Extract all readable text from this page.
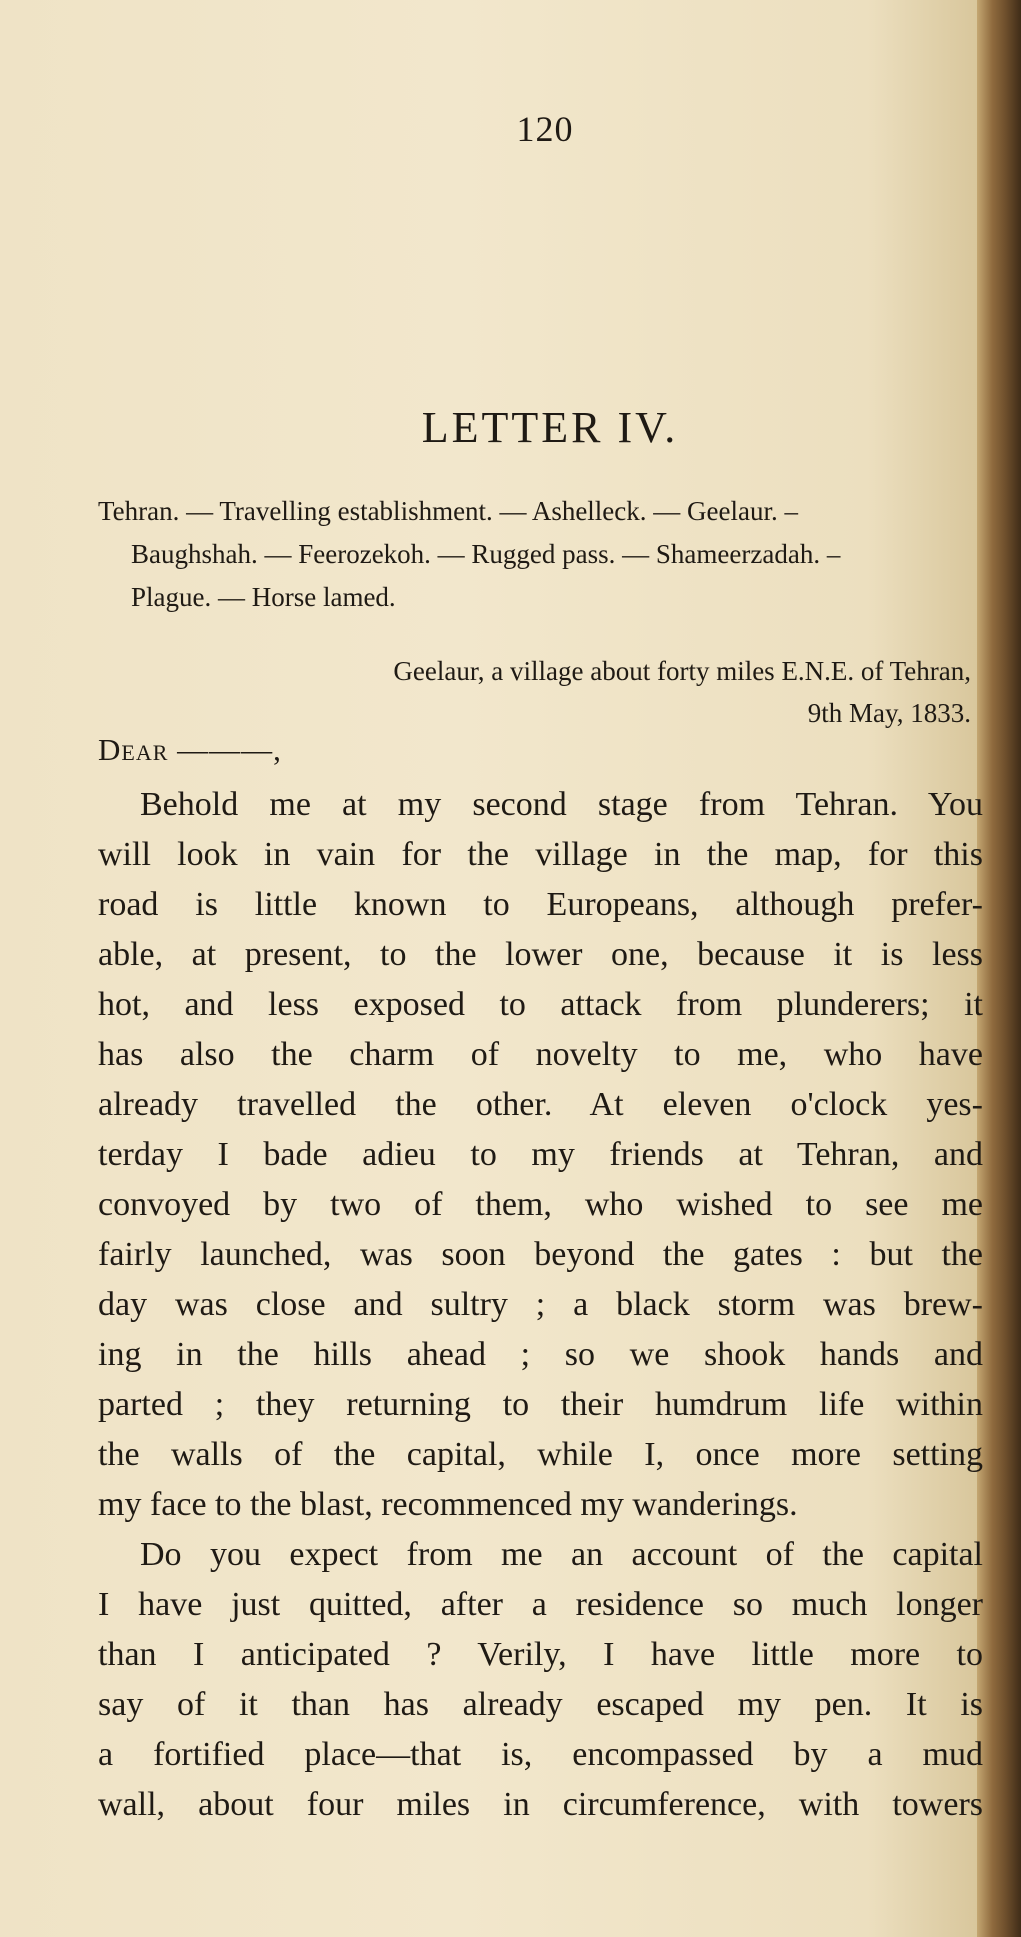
120
LETTER IV.
Tehran. — Travelling establishment. — Ashelleck. — Geelaur. –
Baughshah. — Feerozekoh. — Rugged pass. — Shameerzadah. –
Plague. — Horse lamed.
Geelaur, a village about forty miles E.N.E. of Tehran,
9th May, 1833.
Dear ———,
Behold me at my second stage from Tehran. You
will look in vain for the village in the map, for this
road is little known to Europeans, although prefer-
able, at present, to the lower one, because it is less
hot, and less exposed to attack from plunderers; it
has also the charm of novelty to me, who have
already travelled the other. At eleven o'clock yes-
terday I bade adieu to my friends at Tehran, and
convoyed by two of them, who wished to see me
fairly launched, was soon beyond the gates : but the
day was close and sultry ; a black storm was brew-
ing in the hills ahead ; so we shook hands and
parted ; they returning to their humdrum life within
the walls of the capital, while I, once more setting
my face to the blast, recommenced my wanderings.
Do you expect from me an account of the capital
I have just quitted, after a residence so much longer
than I anticipated ? Verily, I have little more to
say of it than has already escaped my pen. It is
a fortified place—that is, encompassed by a mud
wall, about four miles in circumference, with towers
